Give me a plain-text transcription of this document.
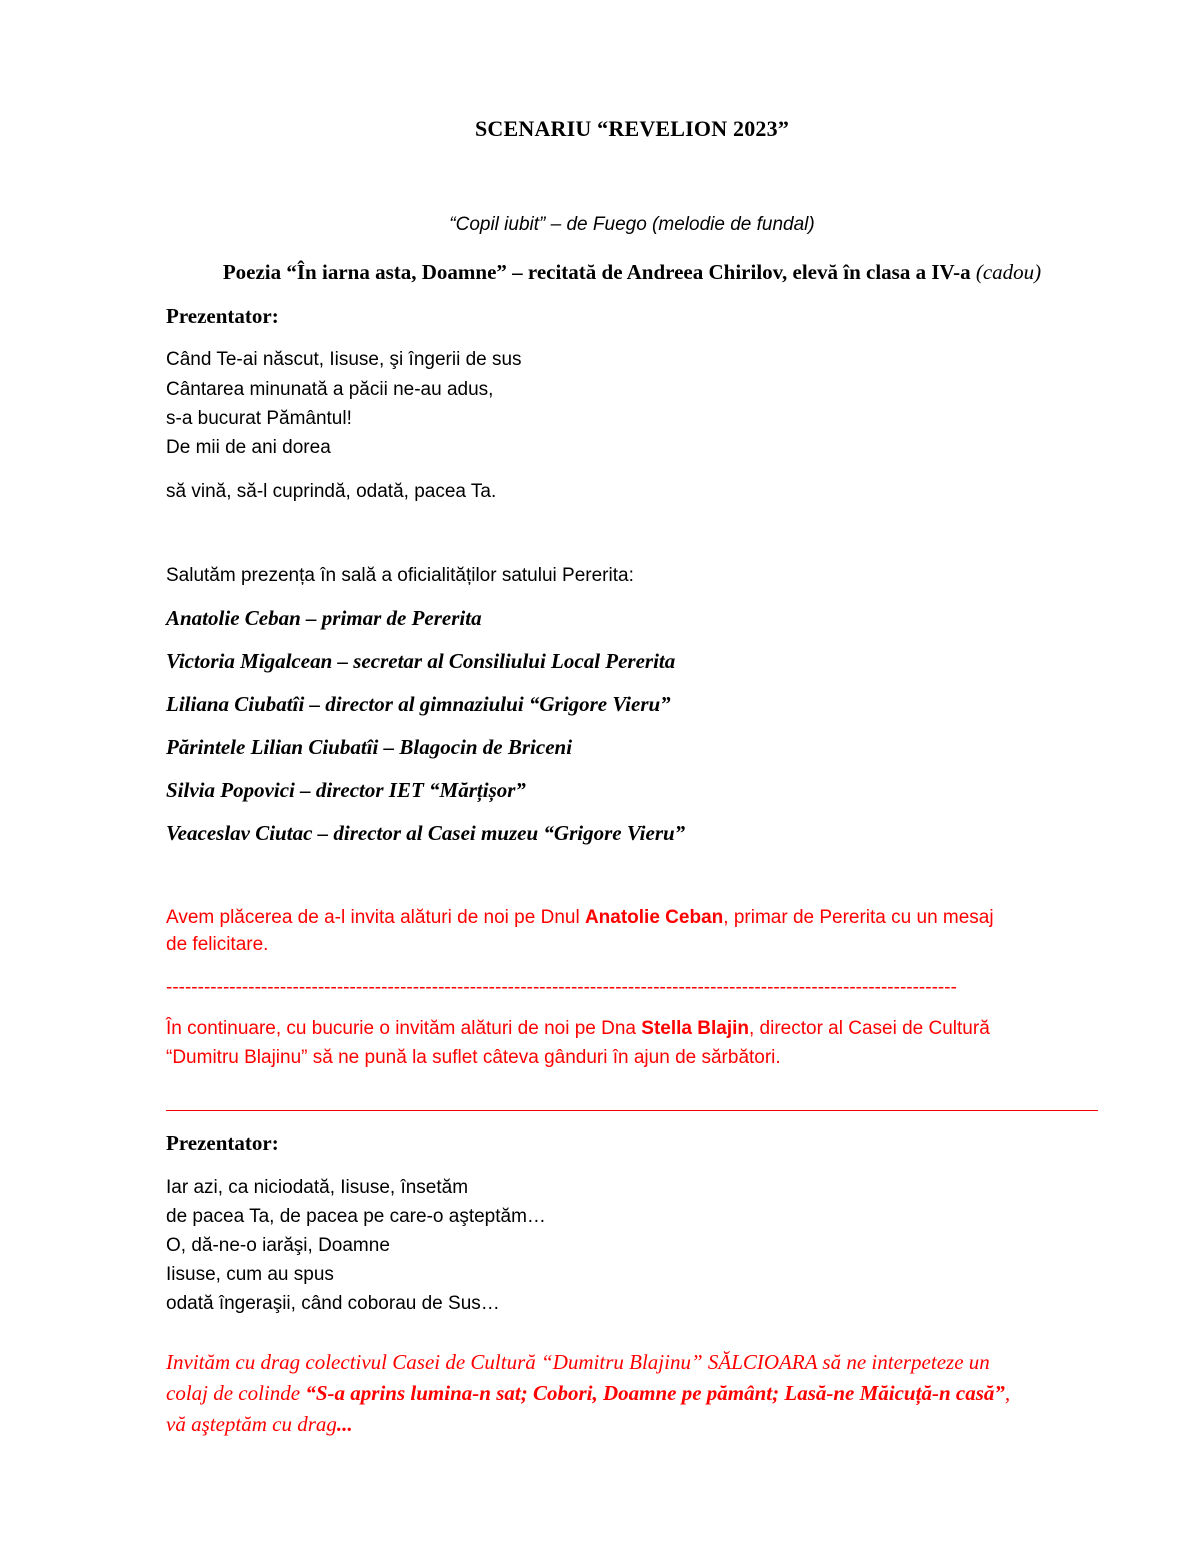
SCENARIU “REVELION 2023”
“Copil iubit” – de Fuego (melodie de fundal)
Poezia “În iarna asta, Doamne” – recitată de Andreea Chirilov, elevă în clasa a IV-a (cadou)
Prezentator:
Când Te-ai născut, Iisuse, şi îngerii de sus
Cântarea minunată a păcii ne-au adus,
s-a bucurat Pământul!
De mii de ani dorea
să vină, să-l cuprindă, odată, pacea Ta.
Salutăm prezența în sală a oficialităților satului Pererita:
Anatolie Ceban – primar de Pererita
Victoria Migalcean – secretar al Consiliului Local Pererita
Liliana Ciubatîi – director al gimnaziului “Grigore Vieru”
Părintele Lilian Ciubatîi – Blagocin de Briceni
Silvia Popovici – director IET “Mărțișor”
Veaceslav Ciutac – director al Casei muzeu “Grigore Vieru”
Avem plăcerea de a-l invita alături de noi pe Dnul Anatolie Ceban, primar de Pererita cu un mesaj
de felicitare.
-----------------------------------------------------------------------------------------------------------------------------
În continuare, cu bucurie o invităm alături de noi pe Dna Stella Blajin, director al Casei de Cultură
“Dumitru Blajinu” să ne pună la suflet câteva gânduri în ajun de sărbători.
Prezentator:
Iar azi, ca niciodată, Iisuse, însetăm
de pacea Ta, de pacea pe care-o aşteptăm…
O, dă-ne-o iarăşi, Doamne
Iisuse, cum au spus
odată îngeraşii, când coborau de Sus…
Invităm cu drag colectivul Casei de Cultură “Dumitru Blajinu” SĂLCIOARA să ne interpeteze un
colaj de colinde “S-a aprins lumina-n sat; Cobori, Doamne pe pământ; Lasă-ne Măicuță-n casă”,
vă aşteptăm cu drag...
